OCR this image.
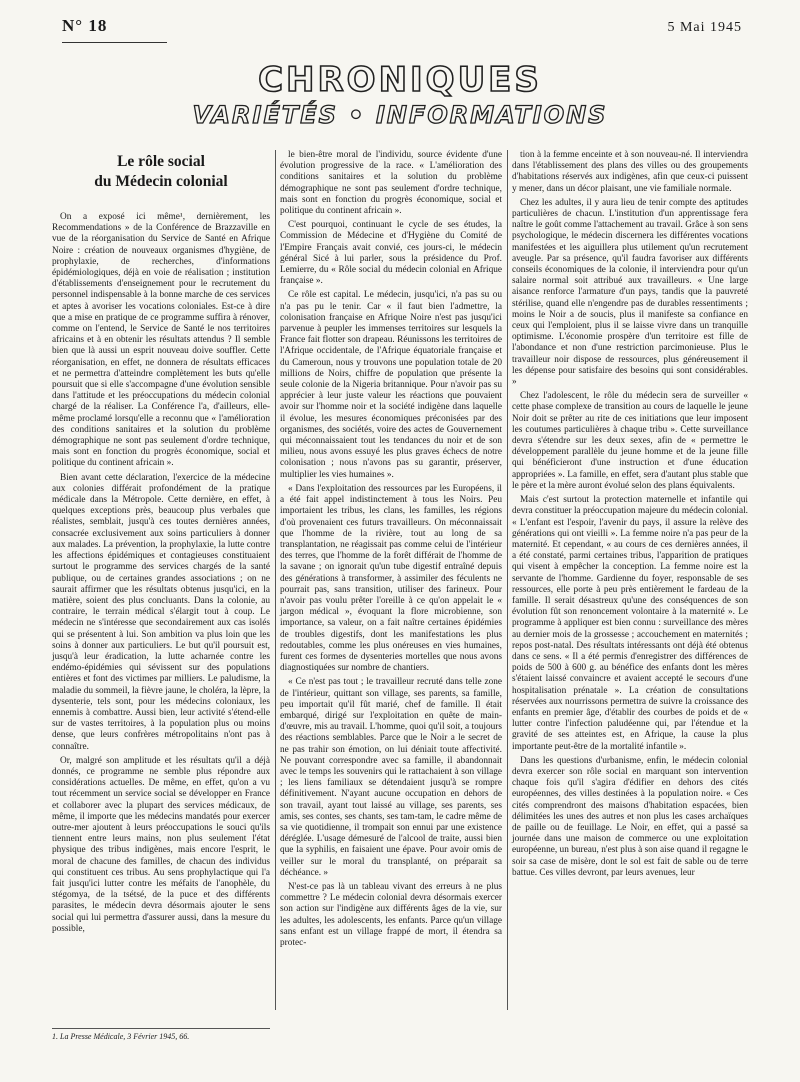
N° 18	5 Mai 1945
CHRONIQUES
VARIÉTÉS • INFORMATIONS
Le rôle social
du Médecin colonial

On a exposé ici même¹, dernièrement, les Recommendations » de la Conférence de Brazzaville en vue de la réorganisation du Service de Santé en Afrique Noire : création de nouveaux organismes d'hygiène, de prophylaxie, de recherches, d'informations épidémiologiques, déjà en voie de réalisation ; institution d'établissements d'enseignement pour le recrutement du personnel indispensable à la bonne marche de ces services et aptes à avoriser les vocations coloniales. Est-ce à dire que a mise en pratique de ce programme suffira à rénover, comme on l'entend, le Service de Santé le nos territoires africains et à en obtenir les résultats attendus ? Il semble bien que là aussi un esprit nouveau doive souffler. Cette réorganisation, en effet, ne donnera de résultats efficaces et ne permettra d'atteindre complètement les buts qu'elle poursuit que si elle s'accompagne d'une évolution sensible dans l'attitude et les préoccupations du médecin colonial chargé de la réaliser. La Conférence l'a, d'ailleurs, elle-même proclamé lorsqu'elle a reconnu que « l'amélioration des conditions sanitaires et la solution du problème démographique ne sont pas seulement d'ordre technique, mais sont en fonction du progrès économique, social et politique du continent africain ».

Bien avant cette déclaration, l'exercice de la médecine aux colonies différait profondément de la pratique médicale dans la Métropole. Cette dernière, en effet, à quelques exceptions près, beaucoup plus verbales que réalistes, semblait, jusqu'à ces toutes dernières années, consacrée exclusivement aux soins particuliers à donner aux malades. La prévention, la prophylaxie, la lutte contre les affections épidémiques et contagieuses constituaient surtout le programme des services chargés de la santé publique, ou de certaines grandes associations ; on ne saurait affirmer que les résultats obtenus jusqu'ici, en la matière, soient des plus concluants. Dans la colonie, au contraire, le terrain médical s'élargit tout à coup. Le médecin ne s'intéresse que secondairement aux cas isolés qui se présentent à lui. Son ambition va plus loin que les soins à donner aux particuliers. Le but qu'il poursuit est, jusqu'à leur éradication, la lutte acharnée contre les endémo-épidémies qui sévissent sur des populations entières et font des victimes par milliers. Le paludisme, la maladie du sommeil, la fièvre jaune, le choléra, la lèpre, la dysenterie, tels sont, pour les médecins coloniaux, les ennemis à combattre. Aussi bien, leur activité s'étend-elle sur de vastes territoires, à la population plus ou moins dense, que leurs confrères métropolitains n'ont pas à connaître.

Or, malgré son amplitude et les résultats qu'il a déjà donnés, ce programme ne semble plus répondre aux considérations actuelles. De même, en effet, qu'on a vu tout récemment un service social se développer en France et collaborer avec la plupart des services médicaux, de même, il importe que les médecins mandatés pour exercer outre-mer ajoutent à leurs préoccupations le souci qu'ils tiennent entre leurs mains, non plus seulement l'état physique des tribus indigènes, mais encore l'esprit, le moral de chacune des familles, de chacun des individus qui constituent ces tribus. Au sens prophylactique qui l'a fait jusqu'ici lutter contre les méfaits de l'anophèle, du stégomya, de la tsétsé, de la puce et des différents parasites, le médecin devra désormais ajouter le sens social qui lui permettra d'assurer aussi, dans la mesure du possible,

le bien-être moral de l'individu, source évidente d'une évolution progressive de la race. « L'amélioration des conditions sanitaires et la solution du problème démographique ne sont pas seulement d'ordre technique, mais sont en fonction du progrès économique, social et politique du continent africain ».

C'est pourquoi, continuant le cycle de ses études, la Commission de Médecine et d'Hygiène du Comité de l'Empire Français avait convié, ces jours-ci, le médecin général Sicé à lui parler, sous la présidence du Prof. Lemierre, du « Rôle social du médecin colonial en Afrique française ».

Ce rôle est capital. Le médecin, jusqu'ici, n'a pas su ou n'a pas pu le tenir. Car « il faut bien l'admettre, la colonisation française en Afrique Noire n'est pas jusqu'ici parvenue à peupler les immenses territoires sur lesquels la France fait flotter son drapeau. Réunissons les territoires de l'Afrique occidentale, de l'Afrique équatoriale française et du Cameroun, nous y trouvons une population totale de 20 millions de Noirs, chiffre de population que présente la seule colonie de la Nigeria britannique. Pour n'avoir pas su apprécier à leur juste valeur les réactions que pouvaient avoir sur l'homme noir et la société indigène dans laquelle il évolue, les mesures économiques préconisées par des organismes, des sociétés, voire des actes de Gouvernement qui méconnaissaient tout les tendances du noir et de son milieu, nous avons essuyé les plus graves échecs de notre colonisation ; nous n'avons pas su garantir, préserver, multiplier les vies humaines ».

« Dans l'exploitation des ressources par les Européens, il a été fait appel indistinctement à tous les Noirs. Peu importaient les tribus, les clans, les familles, les régions d'où provenaient ces futurs travailleurs. On méconnaissait que l'homme de la rivière, tout au long de sa transplantation, ne réagissait pas comme celui de l'intérieur des terres, que l'homme de la forêt différait de l'homme de la savane ; on ignorait qu'un tube digestif entraîné depuis des générations à transformer, à assimiler des féculents ne pourrait pas, sans transition, utiliser des farineux. Pour n'avoir pas voulu prêter l'oreille à ce qu'on appelait le « jargon médical », évoquant la flore microbienne, son importance, sa valeur, on a fait naître certaines épidémies de troubles digestifs, dont les manifestations les plus redoutables, comme les plus onéreuses en vies humaines, furent ces formes de dysenteries mortelles que nous avons diagnostiquées sur nombre de chantiers.

« Ce n'est pas tout ; le travailleur recruté dans telle zone de l'intérieur, quittant son village, ses parents, sa famille, peu importait qu'il fût marié, chef de famille. Il était embarqué, dirigé sur l'exploitation en quête de main-d'œuvre, mis au travail. L'homme, quoi qu'il soit, a toujours des réactions semblables. Parce que le Noir a le secret de ne pas trahir son émotion, on lui déniait toute affectivité. Ne pouvant correspondre avec sa famille, il abandonnait avec le temps les souvenirs qui le rattachaient à son village ; les liens familiaux se détendaient jusqu'à se rompre définitivement. N'ayant aucune occupation en dehors de son travail, ayant tout laissé au village, ses parents, ses amis, ses contes, ses chants, ses tam-tam, le cadre même de sa vie quotidienne, il trompait son ennui par une existence déréglée. L'usage démesuré de l'alcool de traite, aussi bien que la syphilis, en faisaient une épave. Pour avoir omis de veiller sur le moral du transplanté, on préparait sa déchéance. »

N'est-ce pas là un tableau vivant des erreurs à ne plus commettre ? Le médecin colonial devra désormais exercer son action sur l'indigène aux différents âges de la vie, sur les adultes, les adolescents, les enfants. Parce qu'un village sans enfant est un village frappé de mort, il étendra sa protec-

tion à la femme enceinte et à son nouveau-né. Il interviendra dans l'établissement des plans des villes ou des groupements d'habitations réservés aux indigènes, afin que ceux-ci puissent y mener, dans un décor plaisant, une vie familiale normale.

Chez les adultes, il y aura lieu de tenir compte des aptitudes particulières de chacun. L'institution d'un apprentissage fera naître le goût comme l'attachement au travail. Grâce à son sens psychologique, le médecin discernera les différentes vocations manifestées et les aiguillera plus utilement qu'un recrutement aveugle. Par sa présence, qu'il faudra favoriser aux différents conseils économiques de la colonie, il interviendra pour qu'un salaire normal soit attribué aux travailleurs. « Une large aisance renforce l'armature d'un pays, tandis que la pauvreté stérilise, quand elle n'engendre pas de durables ressentiments ; moins le Noir a de soucis, plus il manifeste sa confiance en ceux qui l'emploient, plus il se laisse vivre dans un tranquille optimisme. L'économie prospère d'un territoire est fille de l'abondance et non d'une restriction parcimonieuse. Plus le travailleur noir dispose de ressources, plus généreusement il les dépense pour satisfaire des besoins qui sont considérables. »

Chez l'adolescent, le rôle du médecin sera de surveiller « cette phase complexe de transition au cours de laquelle le jeune Noir doit se prêter au rite de ces initiations que leur imposent les coutumes particulières à chaque tribu ». Cette surveillance devra s'étendre sur les deux sexes, afin de « permettre le développement parallèle du jeune homme et de la jeune fille qui bénéficieront d'une instruction et d'une éducation appropriées ». La famille, en effet, sera d'autant plus stable que le père et la mère auront évolué selon des plans équivalents.

Mais c'est surtout la protection maternelle et infantile qui devra constituer la préoccupation majeure du médecin colonial. « L'enfant est l'espoir, l'avenir du pays, il assure la relève des générations qui ont vieilli ». La femme noire n'a pas peur de la maternité. Et cependant, « au cours de ces dernières années, il a été constaté, parmi certaines tribus, l'apparition de pratiques qui visent à empêcher la conception. La femme noire est la servante de l'homme. Gardienne du foyer, responsable de ses ressources, elle porte à peu près entièrement le fardeau de la famille. Il serait désastreux qu'une des conséquences de son évolution fût son renoncement volontaire à la maternité ». Le programme à appliquer est bien connu : surveillance des mères au dernier mois de la grossesse ; accouchement en maternités ; repos post-natal. Des résultats intéressants ont déjà été obtenus dans ce sens. « Il a été permis d'enregistrer des différences de poids de 500 à 600 g. au bénéfice des enfants dont les mères s'étaient laissé convaincre et avaient accepté le secours d'une hospitalisation prénatale ». La création de consultations réservées aux nourrissons permettra de suivre la croissance des enfants en premier âge, d'établir des courbes de poids et de « lutter contre l'infection paludéenne qui, par l'étendue et la gravité de ses atteintes est, en Afrique, la cause la plus importante peut-être de la mortalité infantile ».

Dans les questions d'urbanisme, enfin, le médecin colonial devra exercer son rôle social en marquant son intervention chaque fois qu'il s'agira d'édifier en dehors des cités européennes, des villes destinées à la population noire. « Ces cités comprendront des maisons d'habitation espacées, bien délimitées les unes des autres et non plus les cases archaïques de paille ou de feuillage. Le Noir, en effet, qui a passé sa journée dans une maison de commerce ou une exploitation européenne, un bureau, n'est plus à son aise quand il regagne le soir sa case de misère, dont le sol est fait de sable ou de terre battue. Ces villes devront, par leurs avenues, leur

1. La Presse Médicale, 3 Février 1945, 66.
